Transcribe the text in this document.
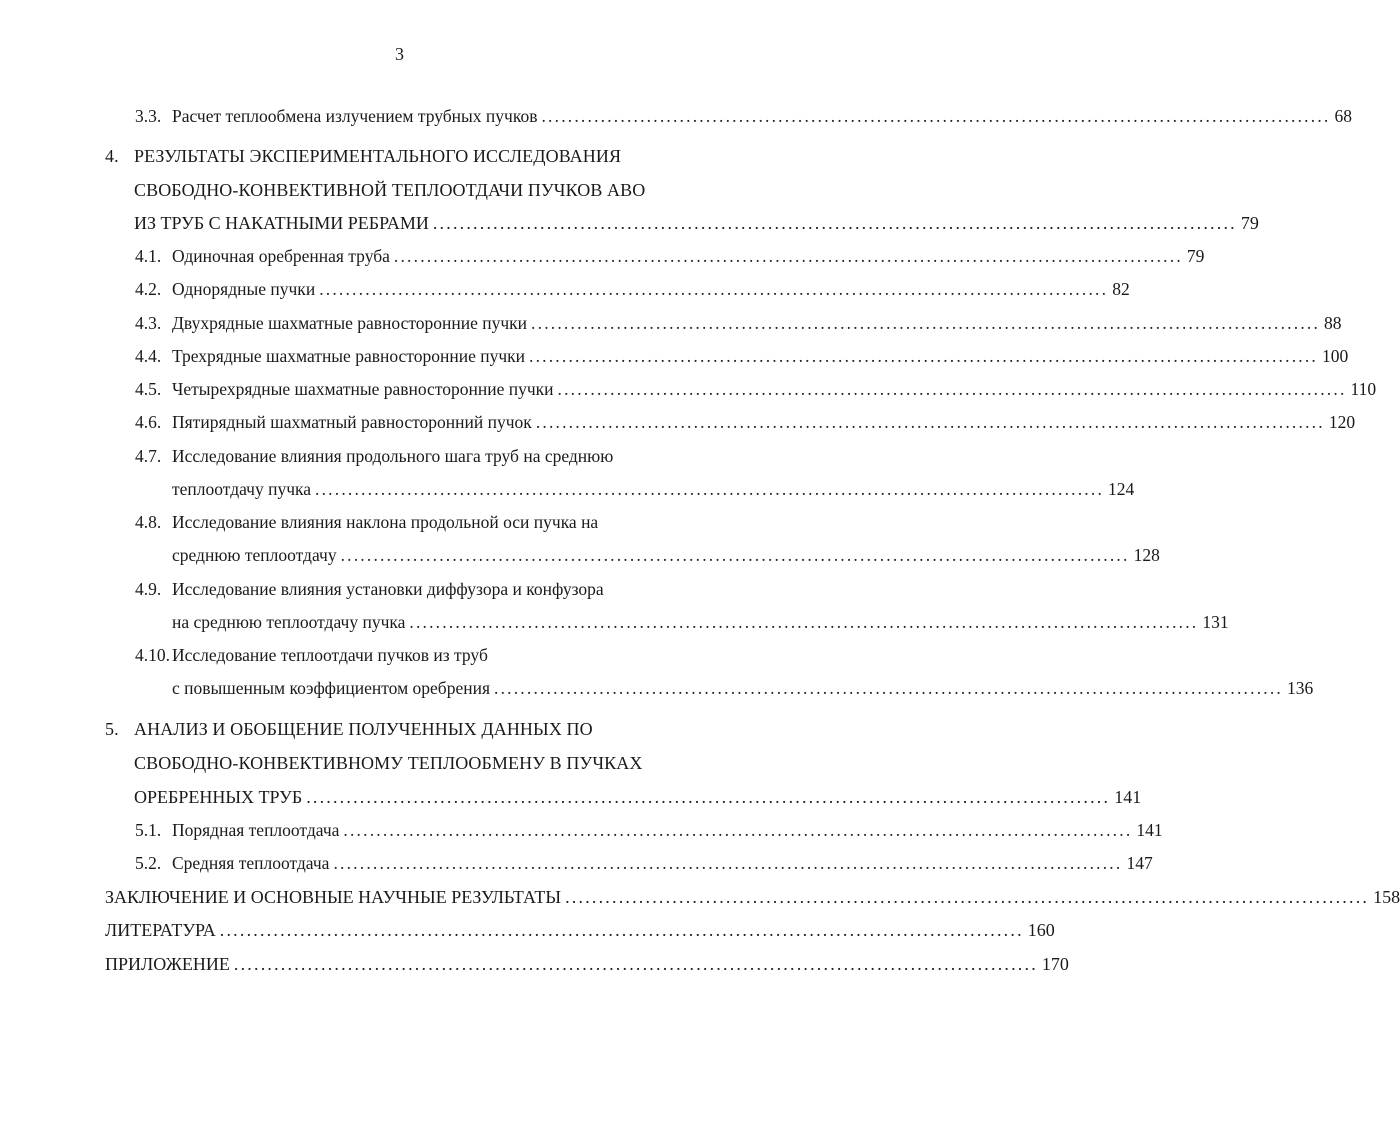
3
3.3. Расчет теплообмена излучением трубных пучков ........................................................................................................................ 68
4. РЕЗУЛЬТАТЫ ЭКСПЕРИМЕНТАЛЬНОГО ИССЛЕДОВАНИЯ
СВОБОДНО-КОНВЕКТИВНОЙ ТЕПЛООТДАЧИ ПУЧКОВ АВО
ИЗ ТРУБ С НАКАТНЫМИ РЕБРАМИ ........................................................................................................................ 79
4.1. Одиночная оребренная труба ........................................................................................................................ 79
4.2. Однорядные пучки ........................................................................................................................ 82
4.3. Двухрядные шахматные равносторонние пучки ........................................................................................................................ 88
4.4. Трехрядные шахматные равносторонние пучки ........................................................................................................................ 100
4.5. Четырехрядные шахматные равносторонние пучки ........................................................................................................................ 110
4.6. Пятирядный шахматный равносторонний пучок ........................................................................................................................ 120
4.7. Исследование влияния продольного шага труб на среднюю
теплоотдачу пучка ........................................................................................................................ 124
4.8. Исследование влияния наклона продольной оси пучка на
среднюю теплоотдачу ........................................................................................................................ 128
4.9. Исследование влияния установки диффузора и конфузора
на среднюю теплоотдачу пучка ........................................................................................................................ 131
4.10. Исследование теплоотдачи пучков из труб
с повышенным коэффициентом оребрения ........................................................................................................................ 136
5. АНАЛИЗ И ОБОБЩЕНИЕ ПОЛУЧЕННЫХ ДАННЫХ ПО
СВОБОДНО-КОНВЕКТИВНОМУ ТЕПЛООБМЕНУ В ПУЧКАХ
ОРЕБРЕННЫХ ТРУБ ........................................................................................................................ 141
5.1. Порядная теплоотдача ........................................................................................................................ 141
5.2. Средняя теплоотдача ........................................................................................................................ 147
ЗАКЛЮЧЕНИЕ И ОСНОВНЫЕ НАУЧНЫЕ РЕЗУЛЬТАТЫ ........................................................................................................................ 158
ЛИТЕРАТУРА ........................................................................................................................ 160
ПРИЛОЖЕНИЕ ........................................................................................................................ 170
